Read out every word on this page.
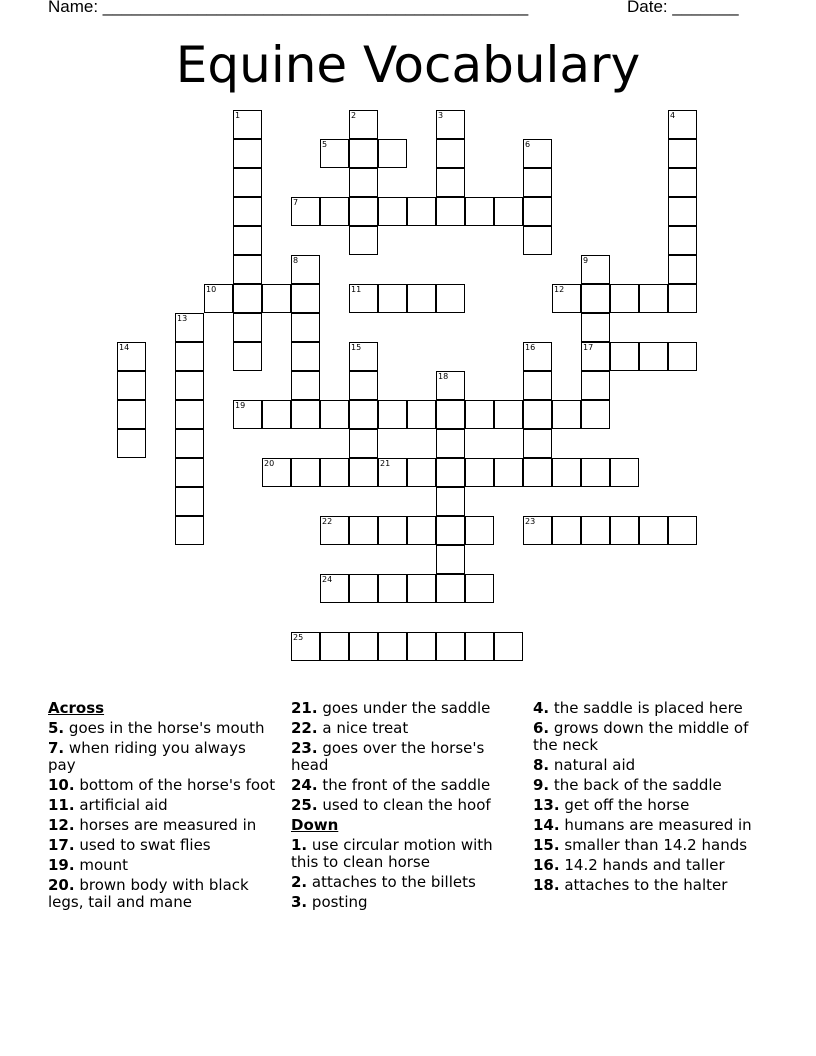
Name: _____________________________________________	Date: _______
Equine Vocabulary
1	2	3	4
5	6
7
8	9
17
10	11	12
13
14	15	16
18
19
20	21
22	23
24
25
Across
5. goes in the horse's mouth
7. when riding you always pay
10. bottom of the horse's foot
11. artificial aid
12. horses are measured in
17. used to swat flies
19. mount
20. brown body with black legs, tail and mane
21. goes under the saddle
22. a nice treat
23. goes over the horse's head
24. the front of the saddle
25. used to clean the hoof
Down
1. use circular motion with this to clean horse
2. attaches to the billets
3. posting
4. the saddle is placed here
6. grows down the middle of the neck
8. natural aid
9. the back of the saddle
13. get off the horse
14. humans are measured in
15. smaller than 14.2 hands
16. 14.2 hands and taller
18. attaches to the halter
